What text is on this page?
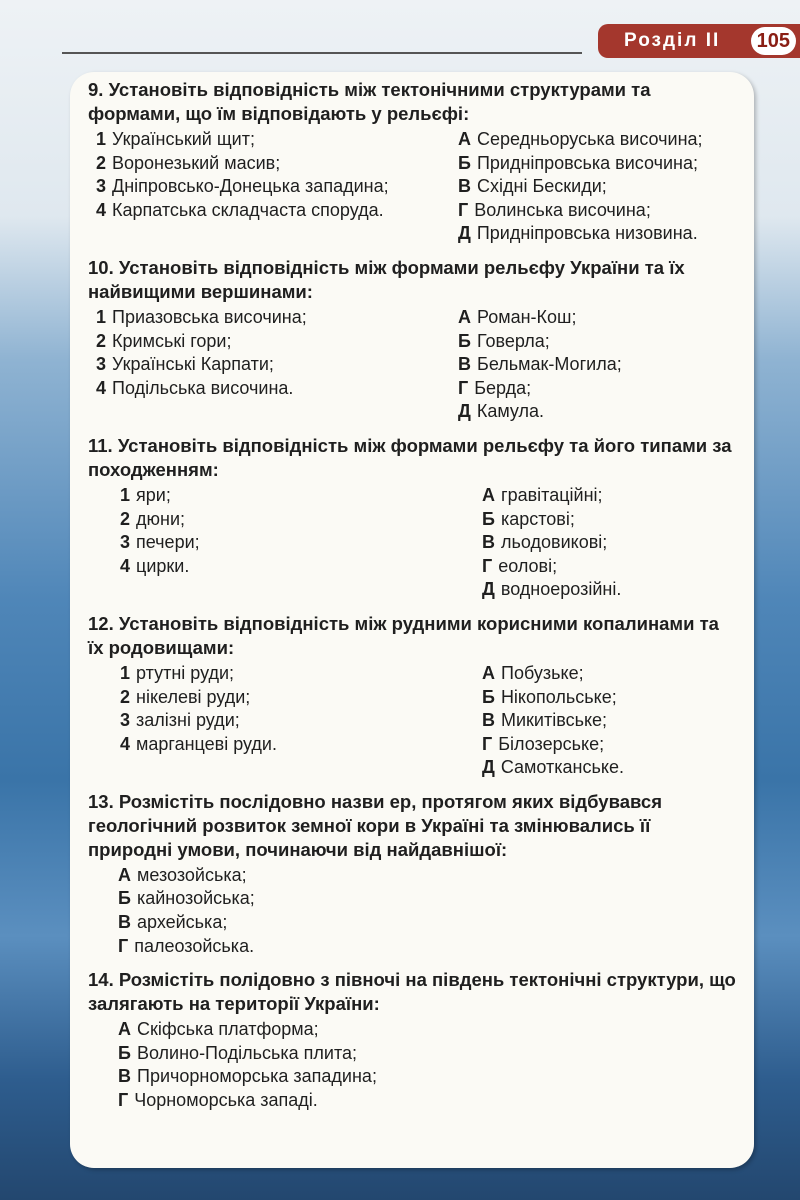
Розділ II	105
9. Установіть відповідність між тектонічними структурами та формами, що їм відповідають у рельєфі:
1 Український щит;
2 Воронезький масив;
3 Дніпровсько-Донецька западина;
4 Карпатська складчаста споруда.
А Середньоруська височина;
Б Придніпровська височина;
В Східні Бескиди;
Г Волинська височина;
Д Придніпровська низовина.
10. Установіть відповідність між формами рельєфу України та їх найвищими вершинами:
1 Приазовська височина;
2 Кримські гори;
3 Українські Карпати;
4 Подільська височина.
А Роман-Кош;
Б Говерла;
В Бельмак-Могила;
Г Берда;
Д Камула.
11. Установіть відповідність між формами рельєфу та його типами за походженням:
1 яри;
2 дюни;
3 печери;
4 цирки.
А гравітаційні;
Б карстові;
В льодовикові;
Г еолові;
Д водноерозійні.
12. Установіть відповідність між рудними корисними копалинами та їх родовищами:
1 ртутні руди;
2 нікелеві руди;
3 залізні руди;
4 марганцеві руди.
А Побузьке;
Б Нікопольське;
В Микитівське;
Г Білозерське;
Д Самотканське.
13. Розмістіть послідовно назви ер, протягом яких відбувався геологічний розвиток земної кори в Україні та змінювались її природні умови, починаючи від найдавнішої:
А мезозойська;
Б кайнозойська;
В архейська;
Г палеозойська.
14. Розмістіть полідовно з півночі на південь тектонічні структури, що залягають на території України:
А Скіфська платформа;
Б Волино-Подільська плита;
В Причорноморська западина;
Г Чорноморська западі.
